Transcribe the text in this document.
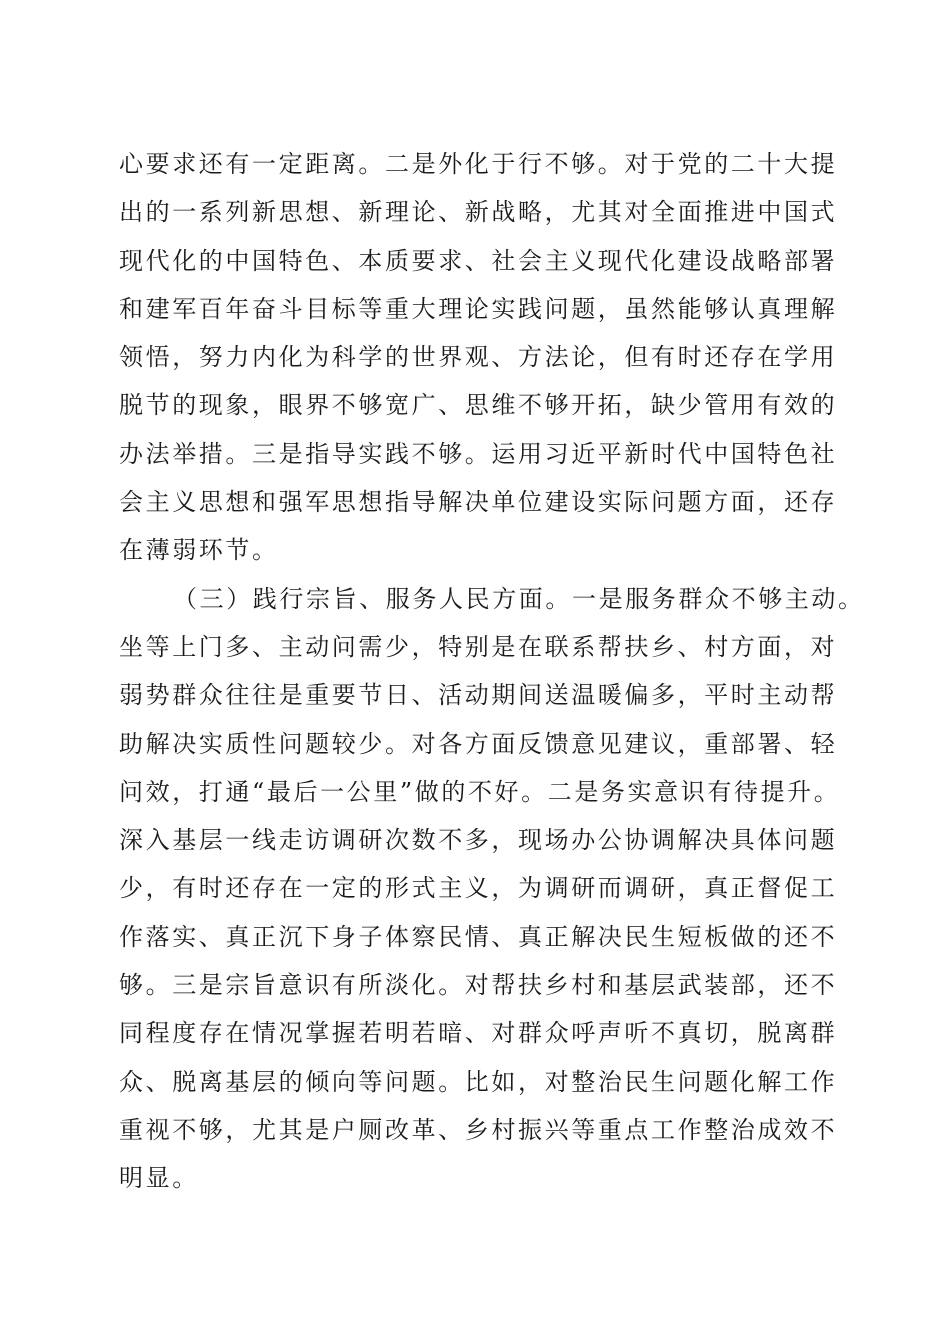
心要求还有一定距离。二是外化于行不够。对于党的二十大提
出的一系列新思想、新理论、新战略，尤其对全面推进中国式
现代化的中国特色、本质要求、社会主义现代化建设战略部署
和建军百年奋斗目标等重大理论实践问题，虽然能够认真理解
领悟，努力内化为科学的世界观、方法论，但有时还存在学用
脱节的现象，眼界不够宽广、思维不够开拓，缺少管用有效的
办法举措。三是指导实践不够。运用习近平新时代中国特色社
会主义思想和强军思想指导解决单位建设实际问题方面，还存
在薄弱环节。
（三）践行宗旨、服务人民方面。一是服务群众不够主动。
坐等上门多、主动问需少，特别是在联系帮扶乡、村方面，对
弱势群众往往是重要节日、活动期间送温暖偏多，平时主动帮
助解决实质性问题较少。对各方面反馈意见建议，重部署、轻
问效，打通“最后一公里”做的不好。二是务实意识有待提升。
深入基层一线走访调研次数不多，现场办公协调解决具体问题
少，有时还存在一定的形式主义，为调研而调研，真正督促工
作落实、真正沉下身子体察民情、真正解决民生短板做的还不
够。三是宗旨意识有所淡化。对帮扶乡村和基层武装部，还不
同程度存在情况掌握若明若暗、对群众呼声听不真切，脱离群
众、脱离基层的倾向等问题。比如，对整治民生问题化解工作
重视不够，尤其是户厕改革、乡村振兴等重点工作整治成效不
明显。
